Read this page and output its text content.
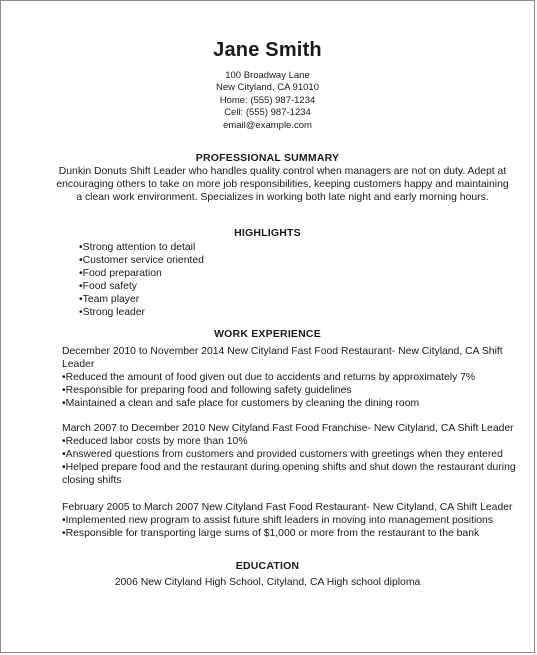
Jane Smith
100 Broadway Lane
New Cityland, CA 91010
Home: (555) 987-1234
Cell: (555) 987-1234
email@example.com
PROFESSIONAL SUMMARY
Dunkin Donuts Shift Leader who handles quality control when managers are not on duty. Adept at encouraging others to take on more job responsibilities, keeping customers happy and maintaining a clean work environment. Specializes in working both late night and early morning hours.
HIGHLIGHTS
•Strong attention to detail
•Customer service oriented
•Food preparation
•Food safety
•Team player
•Strong leader
WORK EXPERIENCE
December 2010 to November 2014 New Cityland Fast Food Restaurant- New Cityland, CA Shift Leader
•Reduced the amount of food given out due to accidents and returns by approximately 7%
•Responsible for preparing food and following safety guidelines
•Maintained a clean and safe place for customers by cleaning the dining room
March 2007 to December 2010 New Cityland Fast Food Franchise- New Cityland, CA Shift Leader
•Reduced labor costs by more than 10%
•Answered questions from customers and provided customers with greetings when they entered
•Helped prepare food and the restaurant during opening shifts and shut down the restaurant during closing shifts
February 2005 to March 2007 New Cityland Fast Food Restaurant- New Cityland, CA Shift Leader
•Implemented new program to assist future shift leaders in moving into management positions
•Responsible for transporting large sums of $1,000 or more from the restaurant to the bank
EDUCATION
2006 New Cityland High School, Cityland, CA High school diploma
